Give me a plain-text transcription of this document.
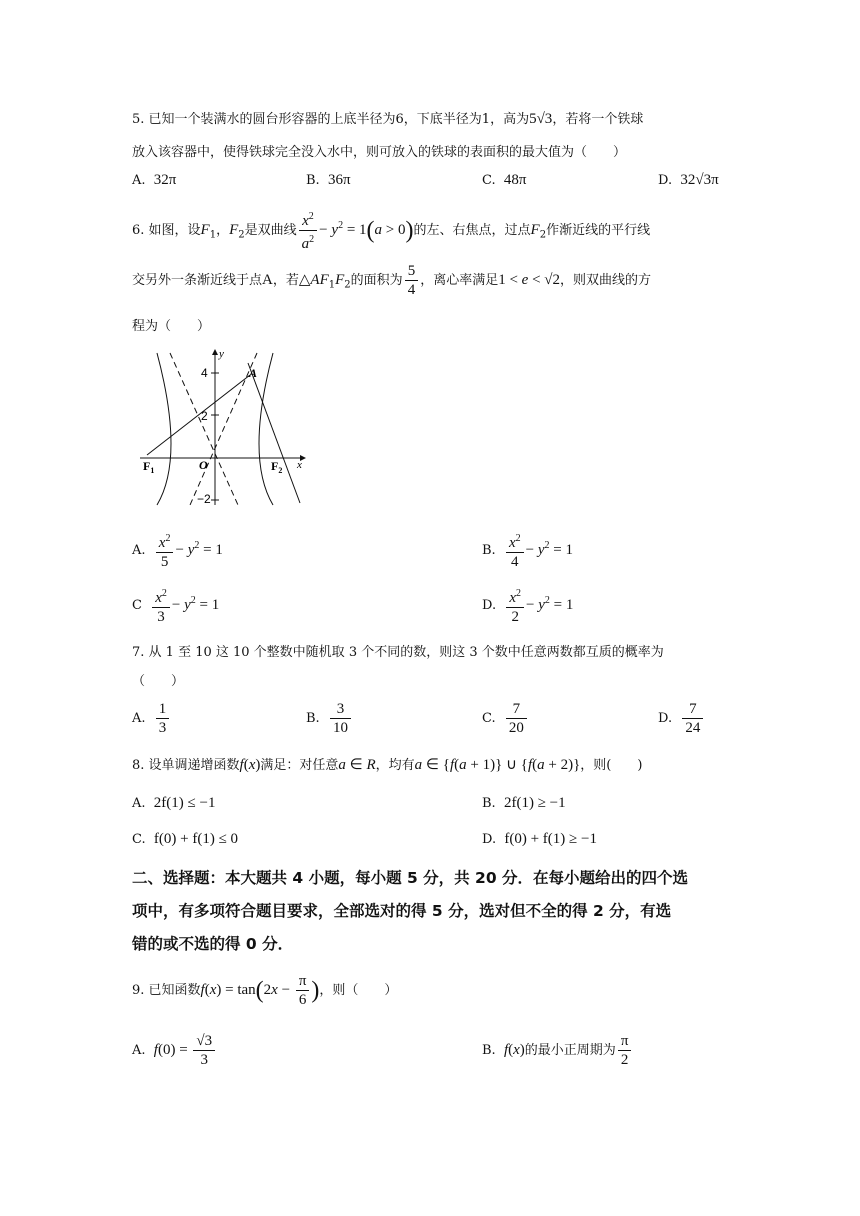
5. 已知一个装满水的圆台形容器的上底半径为6，下底半径为1，高为5√3，若将一个铁球
放入该容器中，使得铁球完全没入水中，则可放入的铁球的表面积的最大值为（　　）
A. 32π	B. 36π	C. 48π	D. 32√3π
6. 如图，设$F_1$，$F_2$是双曲线 $\frac{x^2}{a^2} - y^2 = 1(a > 0)$的左、右焦点，过点$F_2$作渐近线的平行线
交另外一条渐近线于点A，若$\triangle AF_1F_2$的面积为 $\frac{5}{4}$ ，离心率满足1 < e < √2，则双曲线的方
程为（　　）
y
x
4
2
−2
A
O
$F_1$	$F_2$
A. $\frac{x^2}{5} - y^2 = 1$	B. $\frac{x^2}{4} - y^2 = 1$
C $\frac{x^2}{3} - y^2 = 1$	D. $\frac{x^2}{2} - y^2 = 1$
7. 从 1 至 10 这 10 个整数中随机取 3 个不同的数，则这 3 个数中任意两数都互质的概率为
（　　）
A. $\frac{1}{3}$	B. $\frac{3}{10}$	C. $\frac{7}{20}$	D. $\frac{7}{24}$
8. 设单调递增函数f(x)满足：对任意a ∈ R，均有a ∈ {f(a + 1)} ∪ {f(a + 2)}，则(　　)
A. 2f(1) ≤ −1	B. 2f(1) ≥ −1
C. f(0) + f(1) ≤ 0	D. f(0) + f(1) ≥ −1
二、选择题：本大题共 4 小题，每小题 5 分，共 20 分．在每小题给出的四个选
项中，有多项符合题目要求，全部选对的得 5 分，选对但不全的得 2 分，有选
错的或不选的得 0 分．
9. 已知函数$f(x) = \tan(2x - \frac{\pi}{6}$ )，则（　　）
A. $f(0) = \frac{√3}{3}$	B. f(x)的最小正周期为 $\frac{\pi}{2}$
